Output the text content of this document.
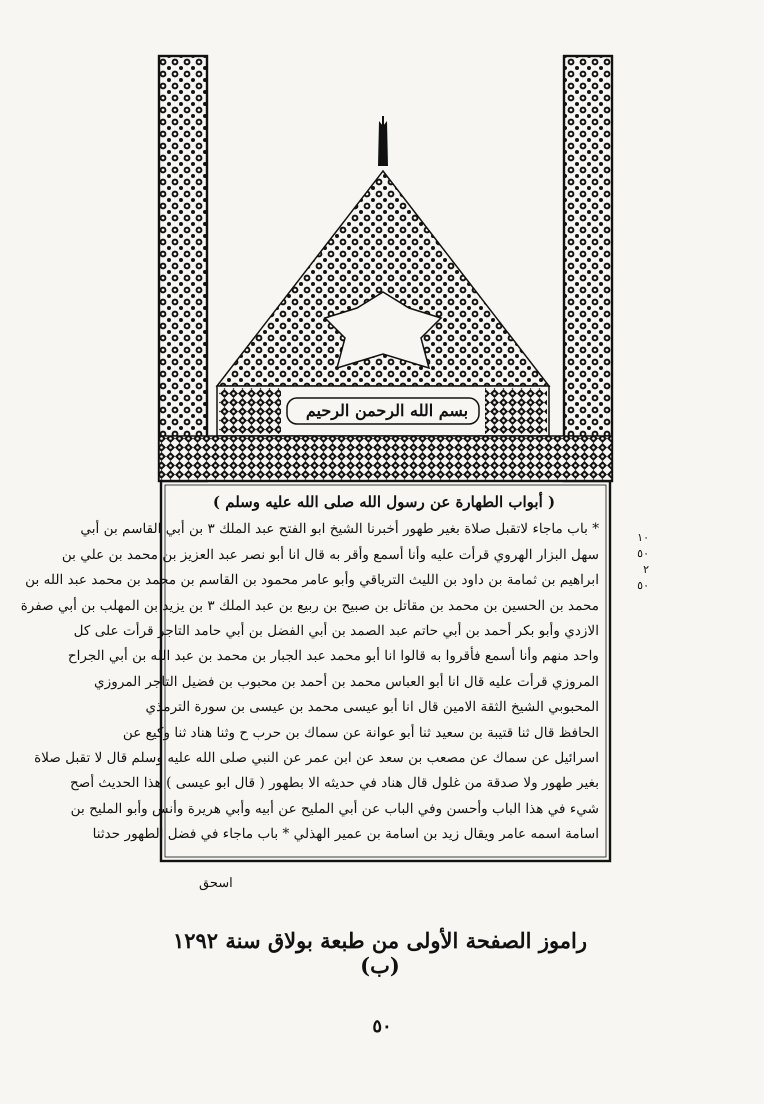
بسم الله الرحمن الرحيم
( أبواب الطهارة عن رسول الله صلى الله عليه وسلم )
* باب ماجاء لاتقبل صلاة بغير طهور أخبرنا الشيخ ابو الفتح عبد الملك ٣ بن أبي القاسم بن أبي
سهل البزار الهروي قرأت عليه وأنا أسمع وأقر به قال انا أبو نصر عبد العزيز بن محمد بن علي بن
ابراهيم بن ثمامة بن داود بن الليث الترياقي وأبو عامر محمود بن القاسم بن محمد بن محمد عبد الله بن
محمد بن الحسين بن محمد بن مقاتل بن صبيح بن ربيع بن عبد الملك ٣ بن يزيد بن المهلب بن أبي صفرة
الازدي وأبو بكر أحمد بن أبي حاتم عبد الصمد بن أبي الفضل بن أبي حامد التاجر قرأت على كل
واحد منهم وأنا أسمع فأقروا به قالوا انا أبو محمد عبد الجبار بن محمد بن عبد الله بن أبي الجراح
المروزي قرأت عليه قال انا أبو العباس محمد بن أحمد بن محبوب بن فضيل التاجر المروزي
المحبوبي الشيخ الثقة الامين قال انا أبو عيسى محمد بن عيسى بن سورة الترمذي
الحافظ قال ثنا قتيبة بن سعيد ثنا أبو عوانة عن سماك بن حرب ح وثنا هناد ثنا وكيع عن
اسرائيل عن سماك عن مصعب بن سعد عن ابن عمر عن النبي صلى الله عليه وسلم قال لا تقبل صلاة
بغير طهور ولا صدقة من غلول قال هناد في حديثه الا بطهور ( قال ابو عيسى ) هذا الحديث أصح
شيء في هذا الباب وأحسن وفي الباب عن أبي المليح عن أبيه وأبي هريرة وأنس وأبو المليح بن
اسامة اسمه عامر ويقال زيد بن اسامة بن عمير الهذلي * باب ماجاء في فضل الطهور حدثنا
اسحق
١٠
٥٠
٢
٥٠
راموز الصفحة الأولى من طبعة بولاق سنة ١٢٩٢ (ب)
٥٠
